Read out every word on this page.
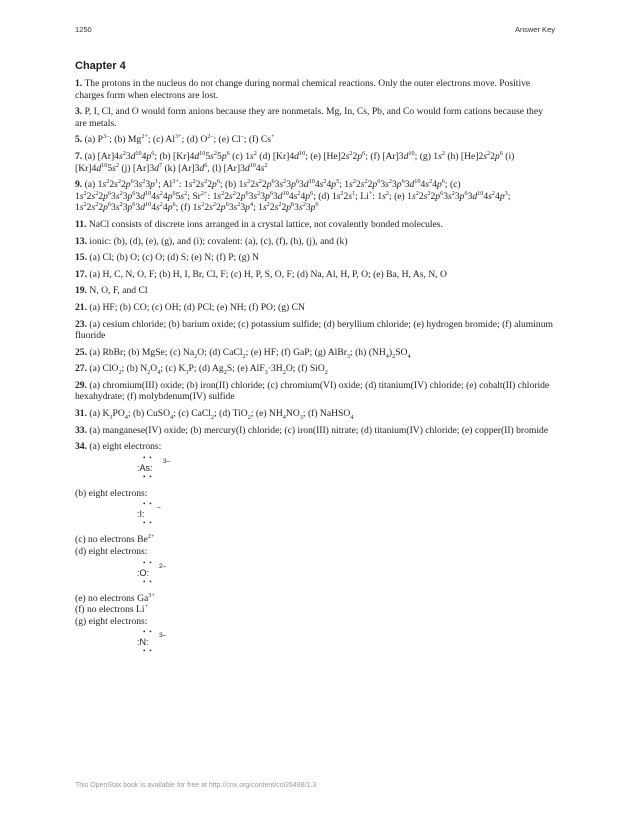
1250	Answer Key
Chapter 4

1. The protons in the nucleus do not change during normal chemical reactions. Only the outer electrons move. Positive charges form when electrons are lost.

3. P, I, Cl, and O would form anions because they are nonmetals. Mg, In, Cs, Pb, and Co would form cations because they are metals.

5. (a) $P^{3-}$; (b) $Mg^{2+}$; (c) $Al^{3+}$; (d) $O^{2-}$; (e) Cl–; (f) Cs+

7. (a) $[Ar]4s^23d^{10}4p^6$; (b) $[Kr]4d^{10}5s^25p^6$ (c) $1s^2$ (d) $[Kr]4d^{10}$; (e) $[He]2s^22p^6$; (f) $[Ar]3d^{10}$; (g) $1s^2$ (h) $[He]2s^22p^6$ (i) $[Kr]4d^{10}5s^2$ (j) $[Ar]3d^7$ (k) $[Ar]3d^6$, (l) $[Ar]3d^{10}4s^2$

9. (a) $1s^22s^22p^63s^23p^1$; $Al^{3+}$: $1s^22s^22p^6$; (b) $1s^22s^22p^63s^23p^63d^{10}4s^24p^5$; $1s^22s^22p^63s^23p^63d^{10}4s^24p^6$; (c) $1s^22s^22p^63s^23p^63d^{10}4s^24p^65s^2$; $Sr^{2+}$: $1s^22s^22p^63s^23p^63d^{10}4s^24p^6$; (d) $1s^22s^1$; Li+: $1s^2$; (e) $1s^22s^22p^63s^23p^63d^{10}4s^24p^3$; $1s^22s^22p^63s^23p^63d^{10}4s^24p^6$; (f) $1s^22s^22p^63s^23p^4$; $1s^22s^22p^63s^23p^6$

11. NaCl consists of discrete ions arranged in a crystal lattice, not covalently bonded molecules.

13. ionic: (b), (d), (e), (g), and (i); covalent: (a), (c), (f), (h), (j), and (k)

15. (a) Cl; (b) O; (c) O; (d) S; (e) N; (f) P; (g) N

17. (a) H, C, N, O, F; (b) H, I, Br, Cl, F; (c) H, P, S, O, F; (d) Na, Al, H, P, O; (e) Ba, H, As, N, O

19. N, O, F, and Cl

21. (a) HF; (b) CO; (c) OH; (d) PCl; (e) NH; (f) PO; (g) CN

23. (a) cesium chloride; (b) barium oxide; (c) potassium sulfide; (d) beryllium chloride; (e) hydrogen bromide; (f) aluminum fluoride

25. (a) RbBr; (b) MgSe; (c) $Na_2O$; (d) CaCl$_2$; (e) HF; (f) GaP; (g) AlBr$_3$; (h) $(NH_4)_2SO_4$

27. (a) ClO$_2$; (b) $N_2O_4$; (c) $K_3P$; (d) $Ag_2S$; (e) $AlF_3\cdot 3H_2O$; (f) SiO$_2$

29. (a) chromium(III) oxide; (b) iron(II) chloride; (c) chromium(VI) oxide; (d) titanium(IV) chloride; (e) cobalt(II) chloride hexahydrate; (f) molybdenum(IV) sulfide

31. (a) $K_3PO_4$; (b) CuSO$_4$; (c) CaCl$_2$; (d) TiO$_2$; (e) $NH_4NO_3$; (f) NaHSO$_4$

33. (a) manganese(IV) oxide; (b) mercury(I) chloride; (c) iron(III) nitrate; (d) titanium(IV) chloride; (e) copper(II) bromide

34. (a) eight electrons:

• •
:As:
• •
3–

(b) eight electrons:

• •
:I:
• •
–

(c) no electrons $Be^{2+}$

(d) eight electrons:

• •
:O:
• •
2–

(e) no electrons $Ga^{3+}$

(f) no electrons Li+

(g) eight electrons:

• •
:N:
• •
3–
This OpenStax book is available for free at http://cnx.org/content/col26488/1.3
